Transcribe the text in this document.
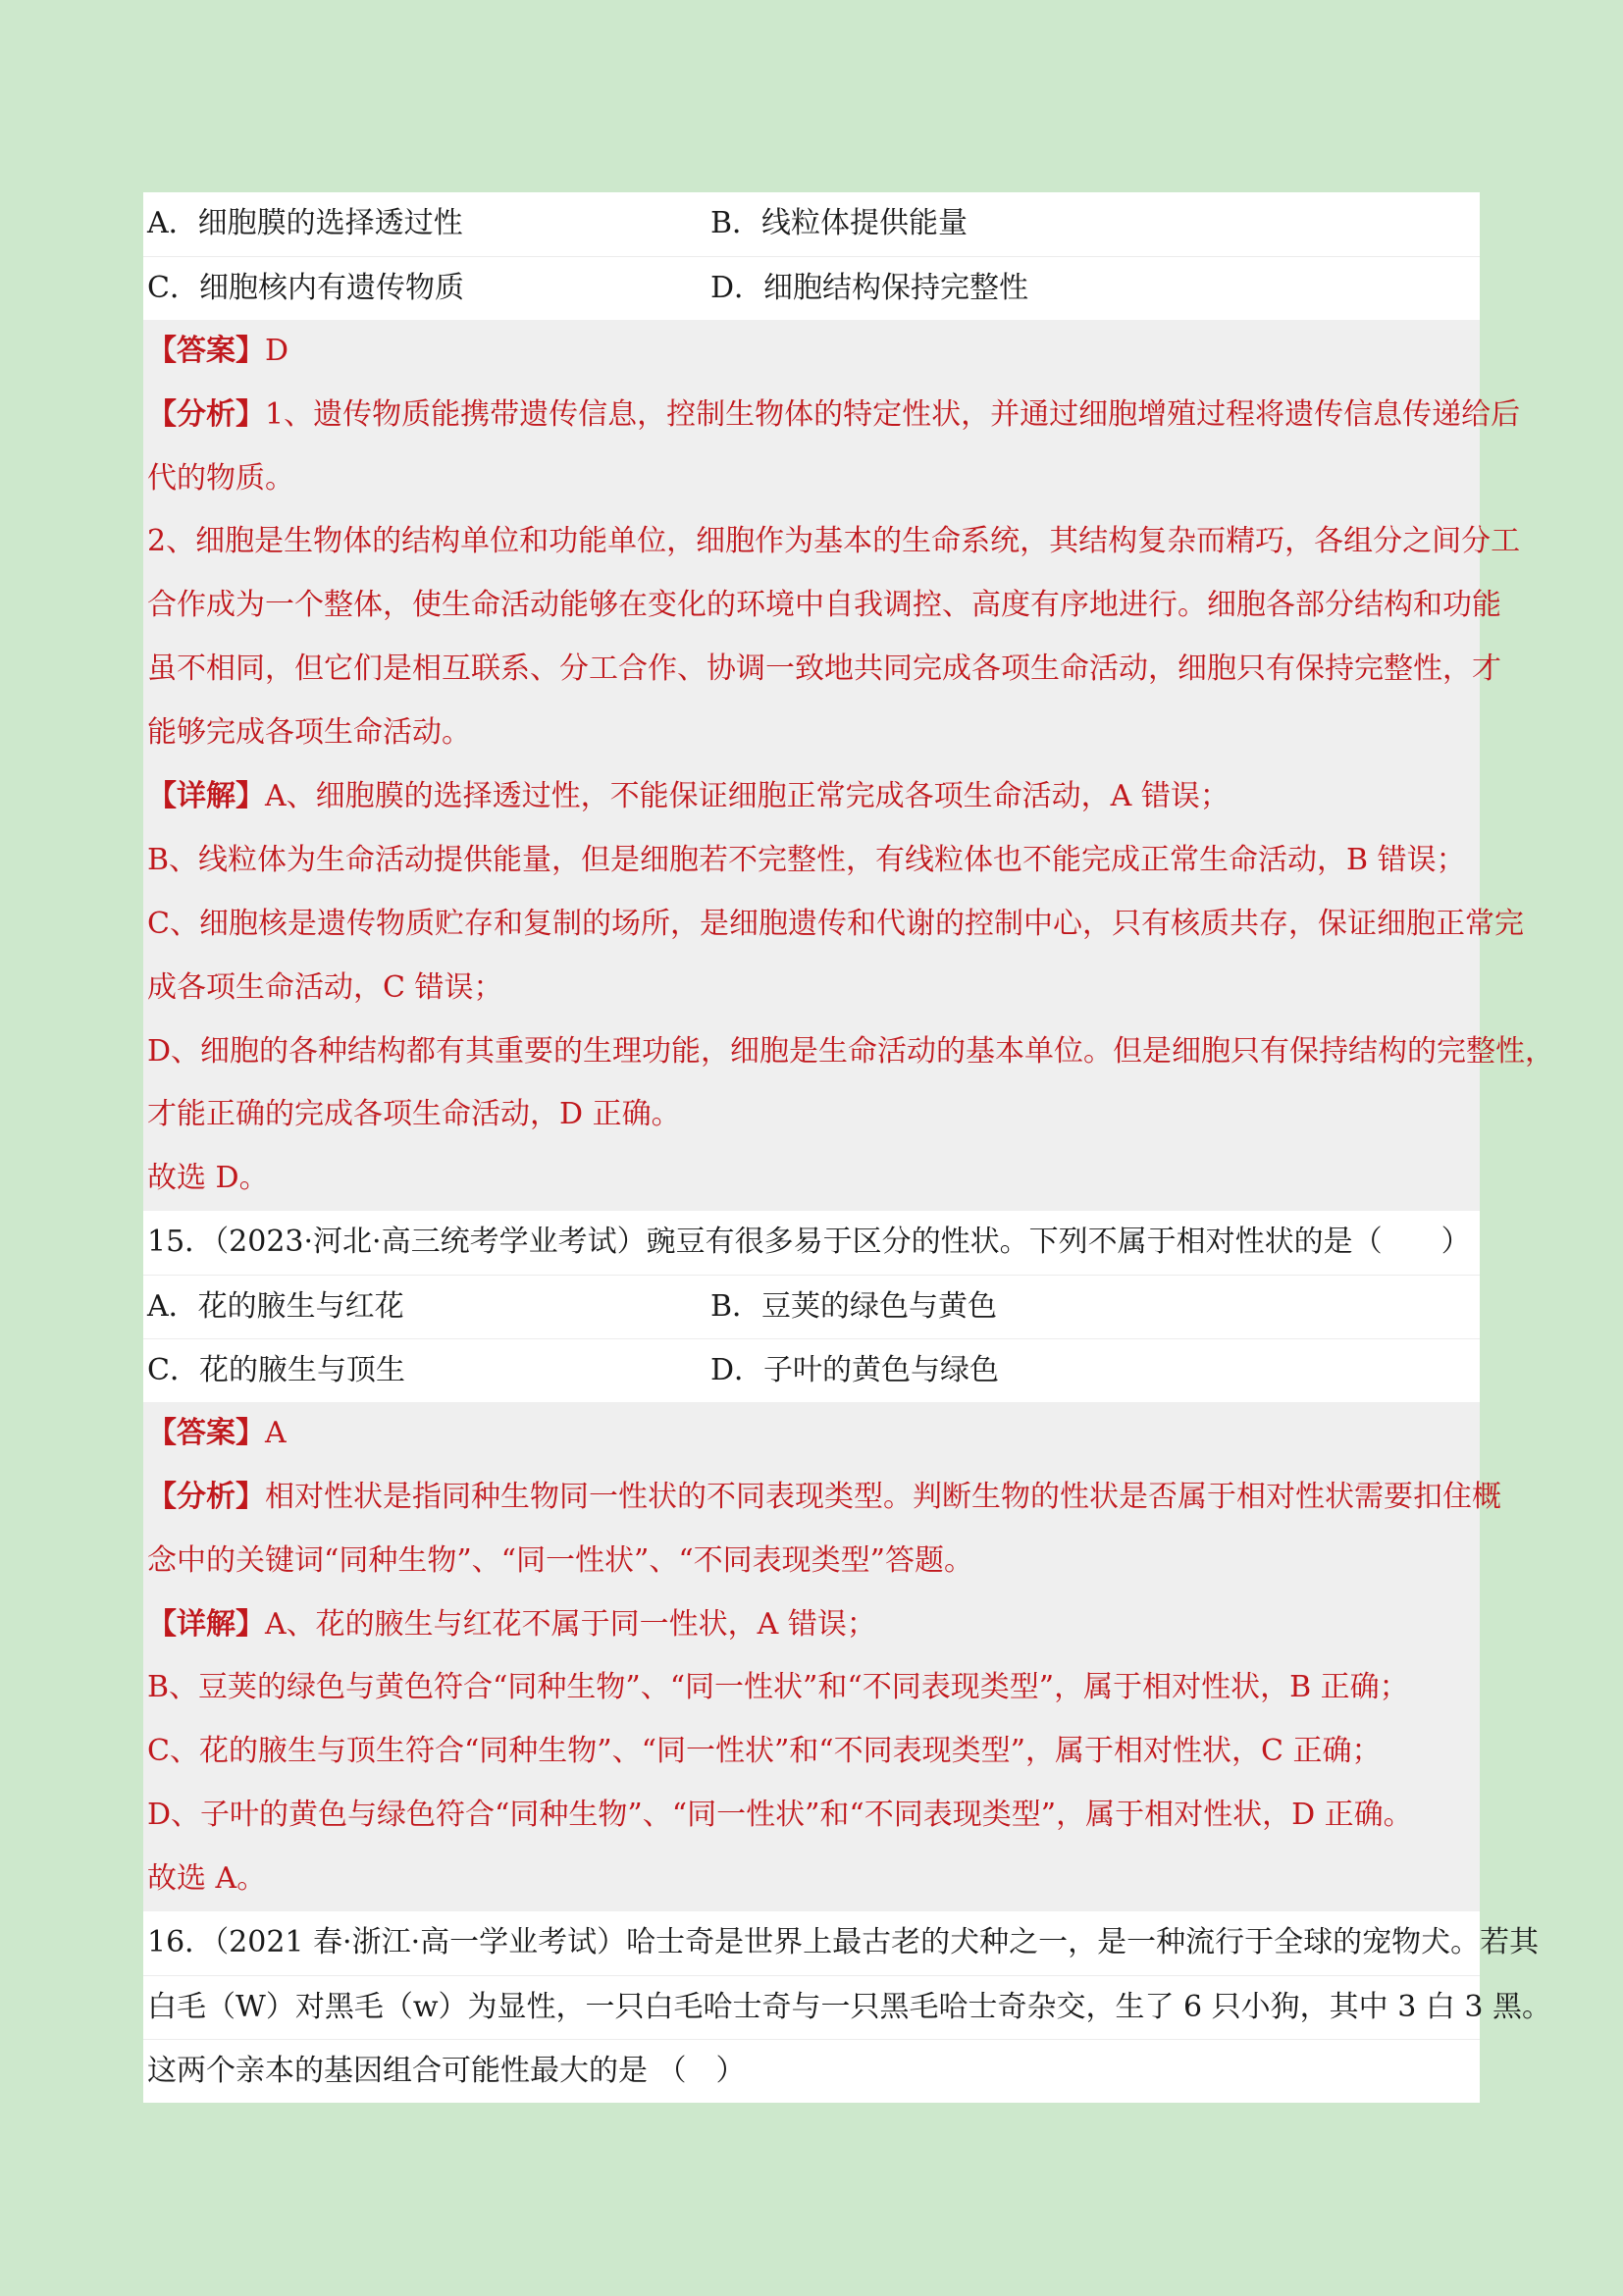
A．细胞膜的选择透过性	B．线粒体提供能量
C．细胞核内有遗传物质	D．细胞结构保持完整性
【答案】D
【分析】1、遗传物质能携带遗传信息，控制生物体的特定性状，并通过细胞增殖过程将遗传信息传递给后
代的物质。
2、细胞是生物体的结构单位和功能单位，细胞作为基本的生命系统，其结构复杂而精巧，各组分之间分工
合作成为一个整体，使生命活动能够在变化的环境中自我调控、高度有序地进行。细胞各部分结构和功能
虽不相同，但它们是相互联系、分工合作、协调一致地共同完成各项生命活动，细胞只有保持完整性，才
能够完成各项生命活动。
【详解】A、细胞膜的选择透过性，不能保证细胞正常完成各项生命活动，A 错误；
B、线粒体为生命活动提供能量，但是细胞若不完整性，有线粒体也不能完成正常生命活动，B 错误；
C、细胞核是遗传物质贮存和复制的场所，是细胞遗传和代谢的控制中心，只有核质共存，保证细胞正常完
成各项生命活动，C 错误；
D、细胞的各种结构都有其重要的生理功能，细胞是生命活动的基本单位。但是细胞只有保持结构的完整性，
才能正确的完成各项生命活动，D 正确。
故选 D。
15．（2023·河北·高三统考学业考试）豌豆有很多易于区分的性状。下列不属于相对性状的是（　　）
A．花的腋生与红花	B．豆荚的绿色与黄色
C．花的腋生与顶生	D．子叶的黄色与绿色
【答案】A
【分析】相对性状是指同种生物同一性状的不同表现类型。判断生物的性状是否属于相对性状需要扣住概
念中的关键词“同种生物”、“同一性状”、“不同表现类型”答题。
【详解】A、花的腋生与红花不属于同一性状，A 错误；
B、豆荚的绿色与黄色符合“同种生物”、“同一性状”和“不同表现类型”，属于相对性状，B 正确；
C、花的腋生与顶生符合“同种生物”、“同一性状”和“不同表现类型”，属于相对性状，C 正确；
D、子叶的黄色与绿色符合“同种生物”、“同一性状”和“不同表现类型”，属于相对性状，D 正确。
故选 A。
16．（2021 春·浙江·高一学业考试）哈士奇是世界上最古老的犬种之一，是一种流行于全球的宠物犬。若其
白毛（W）对黑毛（w）为显性，一只白毛哈士奇与一只黑毛哈士奇杂交，生了 6 只小狗，其中 3 白 3 黑。
这两个亲本的基因组合可能性最大的是 （　）
